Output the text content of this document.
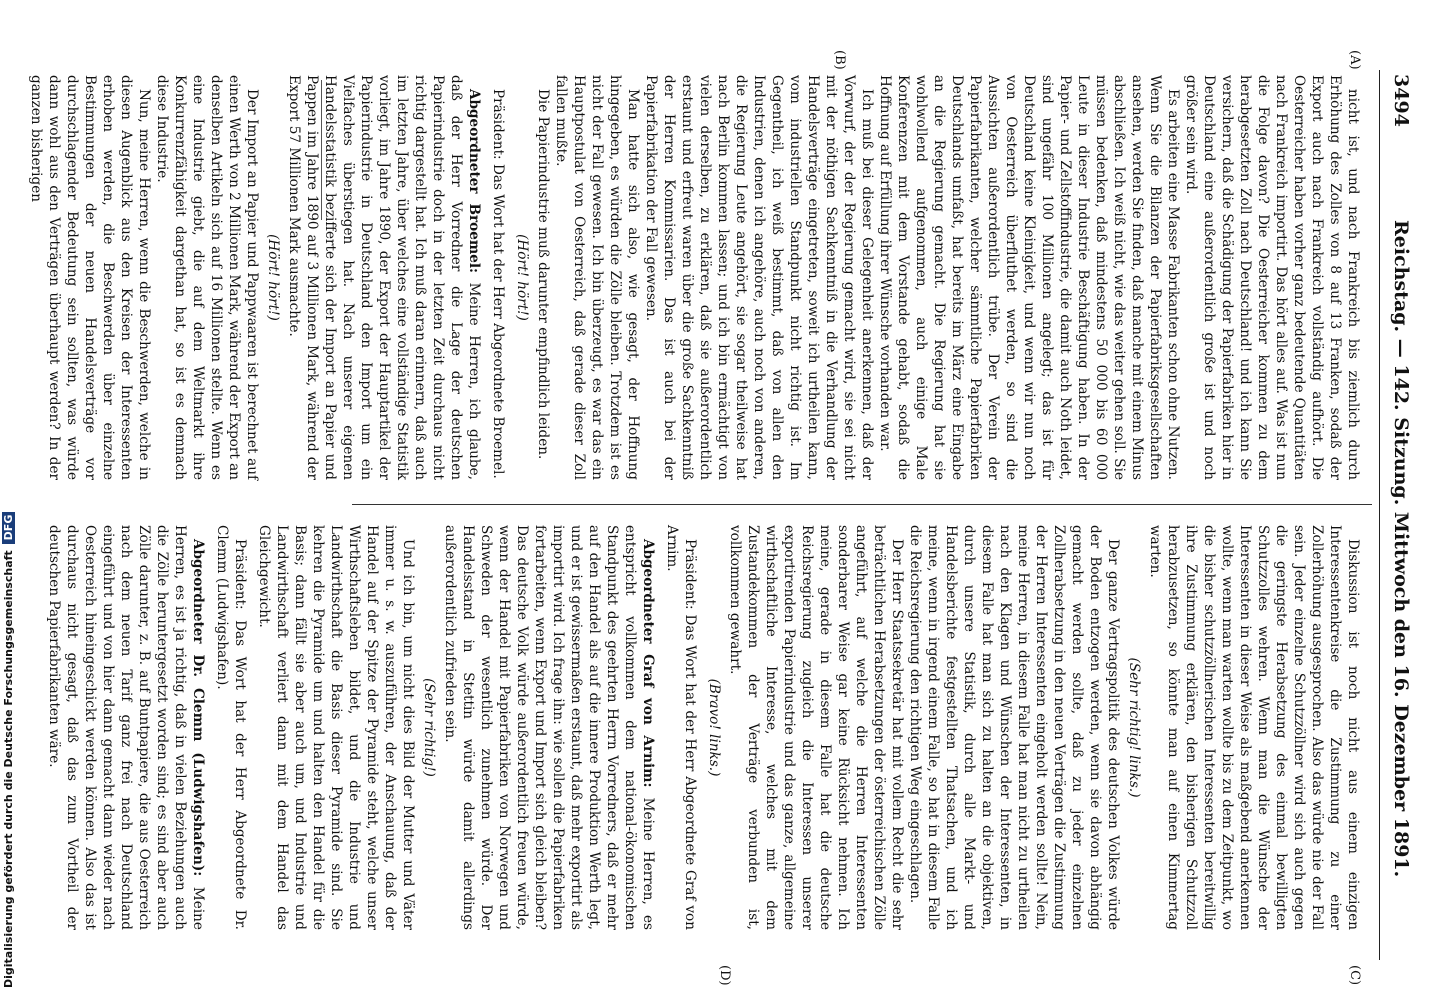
3494
Reichstag. — 142. Sitzung. Mittwoch den 16. Dezember 1891.
(A)
(B)
(C)
(D)

nicht ist, und nach Frankreich bis ziemlich durch Erhöhung des Zolles von 8 auf 13 Franken, sodaß der Export auch nach Frankreich vollständig aufhört. Die Oesterreicher haben vorher ganz bedeutende Quantitäten nach Frankreich importirt. Das hört alles auf. Was ist nun die Folge davon? Die Oesterreicher kommen zu dem herabgesetzten Zoll nach Deutschland! und ich kann Sie versichern, daß die Schädigung der Papierfabriken hier in Deutschland eine außerordentlich große ist und noch größer sein wird.

Es arbeiten eine Masse Fabrikanten schon ohne Nutzen. Wenn Sie die Bilanzen der Papierfabriksgesellschaften ansehen, werden Sie finden, daß manche mit einem Minus abschließen. Ich weiß nicht, wie das weiter gehen soll. Sie müssen bedenken, daß mindestens 50 000 bis 60 000 Leute in dieser Industrie Beschäftigung haben. In der Papier- und Zellstoffindustrie, die damit auch Noth leidet, sind ungefähr 100 Millionen angelegt; das ist für Deutschland keine Kleinigkeit, und wenn wir nun noch von Oesterreich überfluthet werden, so sind die Aussichten außerordentlich trübe. Der Verein der Papierfabrikanten, welcher sämmtliche Papierfabriken Deutschlands umfaßt, hat bereits im März eine Eingabe an die Regierung gemacht. Die Regierung hat sie wohlwollend aufgenommen, auch einige Male Konferenzen mit dem Vorstande gehabt, sodaß die Hoffnung auf Erfüllung ihrer Wünsche vorhanden war.

Ich muß bei dieser Gelegenheit anerkennen, daß der Vorwurf, der der Regierung gemacht wird, sie sei nicht mit der nöthigen Sachkenntniß in die Verhandlung der Handelsverträge eingetreten, soweit ich urtheilen kann, vom industriellen Standpunkt nicht richtig ist. Im Gegentheil, ich weiß bestimmt, daß von allen den Industrien, denen ich angehöre, auch noch von anderen, die Regierung Leute angehört, sie sogar theilweise hat nach Berlin kommen lassen; und ich bin ermächtigt von vielen derselben, zu erklären, daß sie außerordentlich erstaunt und erfreut waren über die große Sachkenntniß der Herren Kommissarien. Das ist auch bei der Papierfabrikation der Fall gewesen.

Man hatte sich also, wie gesagt, der Hoffnung hingegeben, es würden die Zölle bleiben. Trotzdem ist es nicht der Fall gewesen. Ich bin überzeugt, es war das ein Hauptpostulat von Oesterreich, daß gerade dieser Zoll fallen mußte.

Die Papierindustrie muß darunter empfindlich leiden.

(Hört! hört!)

Präsident: Das Wort hat der Herr Abgeordnete Broemel.

Abgeordneter Broemel: Meine Herren, ich glaube, daß der Herr Vorredner die Lage der deutschen Papierindustrie doch in der letzten Zeit durchaus nicht richtig dargestellt hat. Ich muß daran erinnern, daß auch im letzten Jahre, über welches eine vollständige Statistik vorliegt, im Jahre 1890, der Export der Hauptartikel der Papierindustrie in Deutschland den Import um ein Vielfaches überstiegen hat. Nach unserer eigenen Handelsstatistik bezifferte sich der Import an Papier und Pappen im Jahre 1890 auf 3 Millionen Mark, während der Export 57 Millionen Mark ausmachte.

(Hört! hört!)

Der Import an Papier und Pappwaaren ist berechnet auf einen Werth von 2 Millionen Mark, während der Export an denselben Artikeln sich auf 16 Millionen stellte. Wenn es eine Industrie giebt, die auf dem Weltmarkt ihre Konkurrenzfähigkeit dargethan hat, so ist es demnach diese Industrie.

Nun, meine Herren, wenn die Beschwerden, welche in diesen Augenblick aus den Kreisen der Interessenten erhoben werden, die Beschwerden über einzelne Bestimmungen der neuen Handelsverträge vor durchschlagender Bedeutung sein sollten, was würde dann wohl aus den Verträgen überhaupt werden? In der ganzen bisherigen

Diskussion ist noch nicht aus einem einzigen Interessentenkreise die Zustimmung zu einer Zollerhöhung ausgesprochen. Also das würde nie der Fall sein. Jeder einzelne Schutzzöllner wird sich auch gegen die geringste Herabsetzung des einmal bewilligten Schutzzolles wehren. Wenn man die Wünsche der Interessenten in dieser Weise als maßgebend anerkennen wollte, wenn man warten wollte bis zu dem Zeitpunkt, wo die bisher schutzzöllnerischen Interessenten bereitwillig ihre Zustimmung erklären, den bisherigen Schutzzoll herabzusetzen, so könnte man auf einen Kimmertag warten.

(Sehr richtig! links.)

Der ganze Vertragspolitik des deutschen Volkes würde der Boden entzogen werden, wenn sie davon abhängig gemacht werden sollte, daß zu jeder einzelnen Zollherabsetzung in den neuen Verträgen die Zustimmung der Herren Interessenten eingeholt werden sollte! Nein, meine Herren, in diesem Falle hat man nicht zu urtheilen nach den Klagen und Wünschen der Interessenten, in diesem Falle hat man sich zu halten an die objektiven, durch unsere Statistik, durch alle Markt- und Handelsberichte festgestellten Thatsachen, und ich meine, wenn in irgend einem Falle, so hat in diesem Falle die Reichsregierung den richtigen Weg eingeschlagen.

Der Herr Staatssekretär hat mit vollem Recht die sehr beträchtlichen Herabsetzungen der österreichischen Zölle angeführt, auf welche die Herren Interessenten sonderbarer Weise gar keine Rücksicht nehmen. Ich meine, gerade in diesem Falle hat die deutsche Reichsregierung zugleich die Interessen unserer exportirenden Papierindustrie und das ganze, allgemeine wirthschaftliche Interesse, welches mit dem Zustandekommen der Verträge verbunden ist, vollkommen gewahrt.

(Bravo! links.)

Präsident: Das Wort hat der Herr Abgeordnete Graf von Arnim.

Abgeordneter Graf von Arnim: Meine Herren, es entspricht vollkommen dem national-ökonomischen Standpunkt des geehrten Herrn Vorredners, daß er mehr auf den Handel als auf die innere Produktion Werth legt, und er ist gewissermaßen erstaunt, daß mehr exportirt als importirt wird. Ich frage ihn: wie sollen die Papierfabriken fortarbeiten, wenn Export und Import sich gleich bleiben? Das deutsche Volk würde außerordentlich freuen würde, wenn der Handel mit Papierfabriken von Norwegen und Schweden der wesentlich zunehmen würde. Der Handelsstand in Stettin würde damit allerdings außerordentlich zufrieden sein.

(Sehr richtig!)

Und ich bin, um nicht dies Bild der Mutter und Väter immer u. s. w. auszuführen, der Anschauung, daß der Handel auf der Spitze der Pyramide steht, welche unser Wirthschaftsleben bildet, und die Industrie und Landwirthschaft die Basis dieser Pyramide sind. Sie kehren die Pyramide um und halten den Handel für die Basis; dann fällt sie aber auch um, und Industrie und Landwirthschaft verliert dann mit dem Handel das Gleichgewicht.

Präsident: Das Wort hat der Herr Abgeordnete Dr. Clemm (Ludwigshafen).

Abgeordneter Dr. Clemm (Ludwigshafen): Meine Herren, es ist ja richtig, daß in vielen Beziehungen auch die Zölle heruntergesetzt worden sind; es sind aber auch Zölle darunter, z. B. auf Buntpapiere, die aus Oesterreich nach dem neuen Tarif ganz frei nach Deutschland eingeführt und von hier dann gemacht dann wieder nach Oesterreich hineingeschickt werden können. Also das ist durchaus nicht gesagt, daß das zum Vortheil der deutschen Papierfabrikanten wäre.

Digitalisierung gefördert durch die Deutsche ForschungsgemeinschaftDFG
